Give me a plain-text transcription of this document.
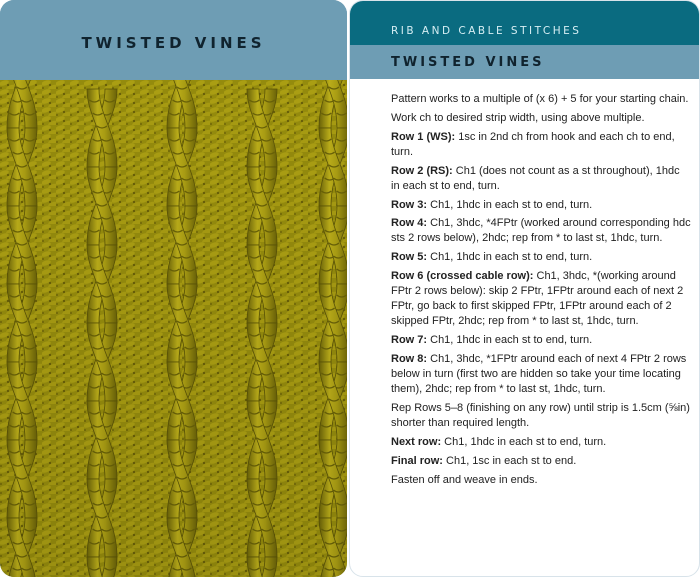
TWISTED VINES
RIB AND CABLE STITCHES
TWISTED VINES
Pattern works to a multiple of (x 6) + 5 for your starting chain.
Work ch to desired strip width, using above multiple.
Row 1 (WS): 1sc in 2nd ch from hook and each ch to end, turn.
Row 2 (RS): Ch1 (does not count as a st throughout), 1hdc in each st to end, turn.
Row 3: Ch1, 1hdc in each st to end, turn.
Row 4: Ch1, 3hdc, *4FPtr (worked around corresponding hdc sts 2 rows below), 2hdc; rep from * to last st, 1hdc, turn.
Row 5: Ch1, 1hdc in each st to end, turn.
Row 6 (crossed cable row): Ch1, 3hdc, *(working around FPtr 2 rows below): skip 2 FPtr, 1FPtr around each of next 2 FPtr, go back to first skipped FPtr, 1FPtr around each of 2 skipped FPtr, 2hdc; rep from * to last st, 1hdc, turn.
Row 7: Ch1, 1hdc in each st to end, turn.
Row 8: Ch1, 3hdc, *1FPtr around each of next 4 FPtr 2 rows below in turn (first two are hidden so take your time locating them), 2hdc; rep from * to last st, 1hdc, turn.
Rep Rows 5–8 (finishing on any row) until strip is 1.5cm (⅝in) shorter than required length.
Next row: Ch1, 1hdc in each st to end, turn.
Final row: Ch1, 1sc in each st to end.
Fasten off and weave in ends.
